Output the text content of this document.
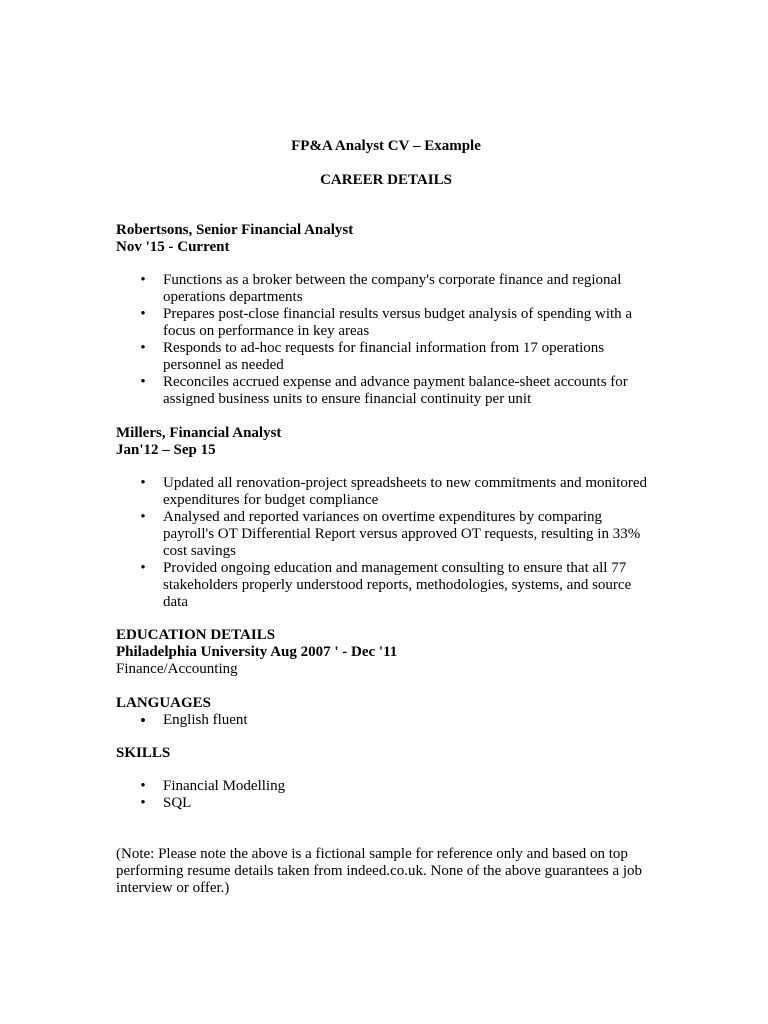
FP&A Analyst CV – Example
CAREER DETAILS
Robertsons, Senior Financial Analyst
Nov '15 - Current
• Functions as a broker between the company's corporate finance and regional operations departments
• Prepares post-close financial results versus budget analysis of spending with a focus on performance in key areas
• Responds to ad-hoc requests for financial information from 17 operations personnel as needed
• Reconciles accrued expense and advance payment balance-sheet accounts for assigned business units to ensure financial continuity per unit
Millers, Financial Analyst
Jan'12 – Sep 15
• Updated all renovation-project spreadsheets to new commitments and monitored expenditures for budget compliance
• Analysed and reported variances on overtime expenditures by comparing payroll's OT Differential Report versus approved OT requests, resulting in 33% cost savings
• Provided ongoing education and management consulting to ensure that all 77 stakeholders properly understood reports, methodologies, systems, and source data
EDUCATION DETAILS
Philadelphia University Aug 2007 ' - Dec '11
Finance/Accounting
LANGUAGES
• English fluent
SKILLS
• Financial Modelling
• SQL
(Note: Please note the above is a fictional sample for reference only and based on top performing resume details taken from indeed.co.uk. None of the above guarantees a job interview or offer.)
